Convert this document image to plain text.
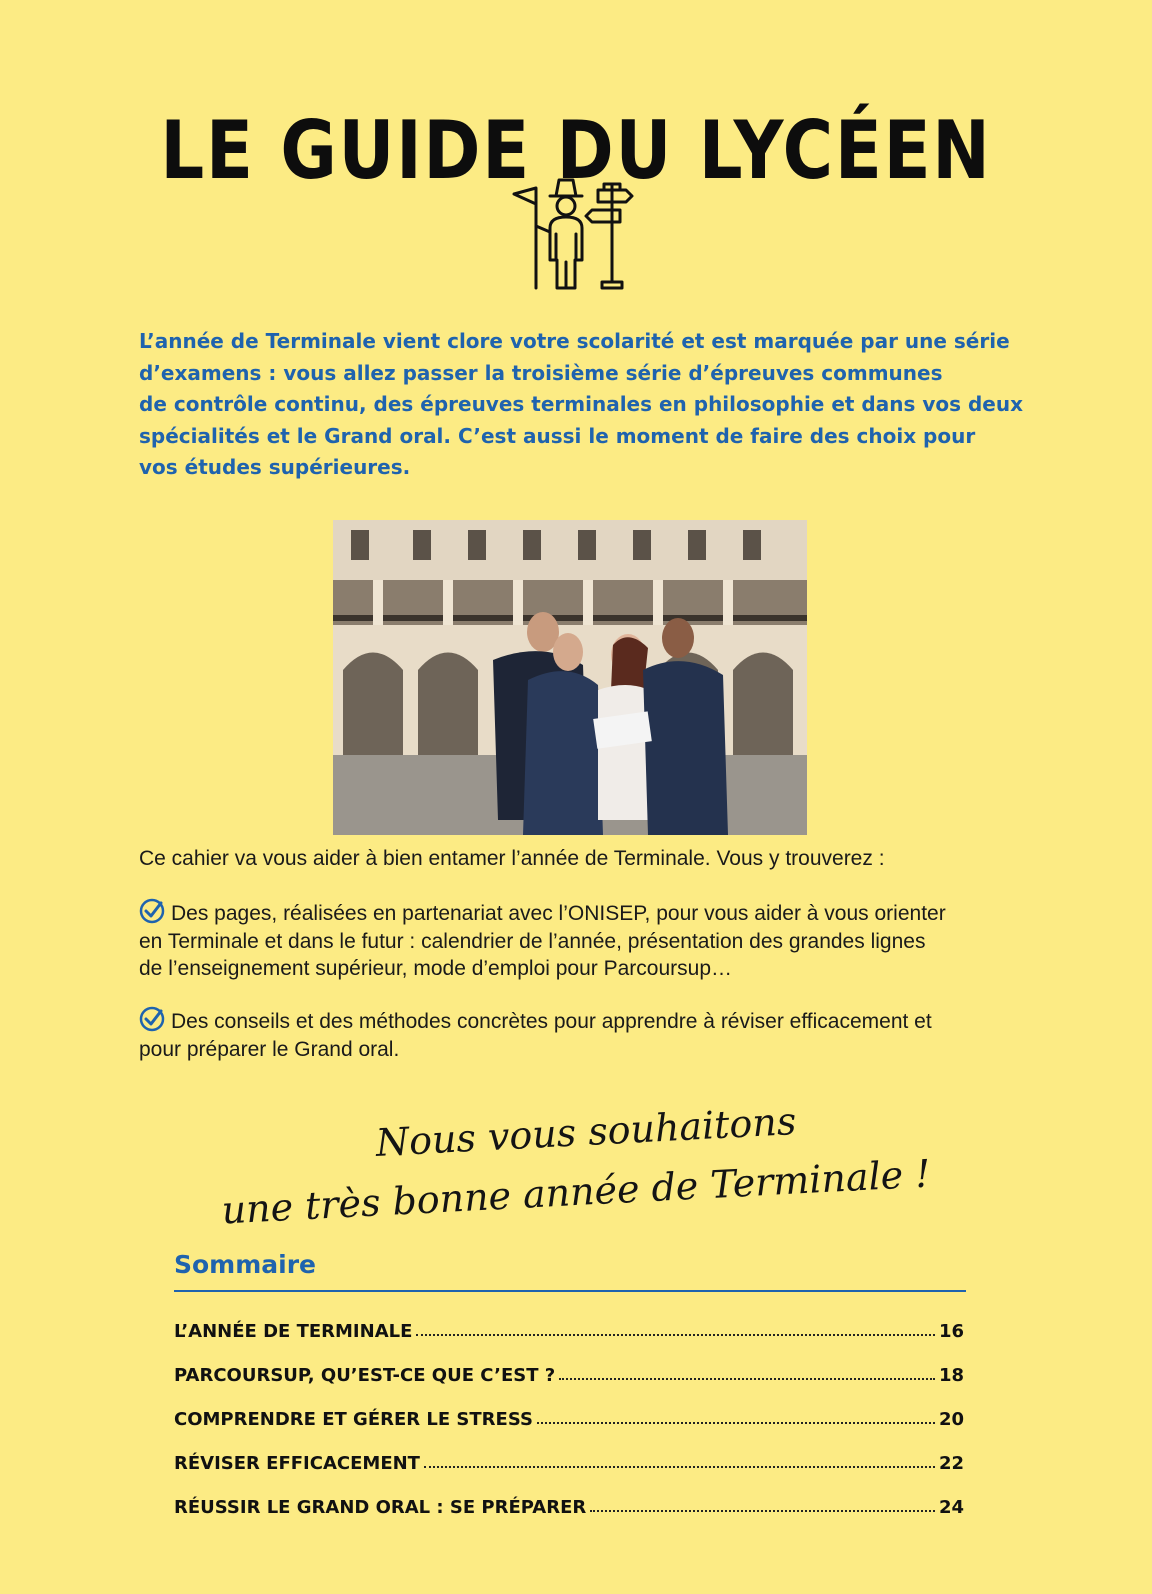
LE GUIDE DU LYCÉEN
L’année de Terminale vient clore votre scolarité et est marquée par une série
d’examens : vous allez passer la troisième série d’épreuves communes
de contrôle continu, des épreuves terminales en philosophie et dans vos deux
spécialités et le Grand oral. C’est aussi le moment de faire des choix pour
vos études supérieures.
Ce cahier va vous aider à bien entamer l’année de Terminale. Vous y trouverez :
Des pages, réalisées en partenariat avec l’ONISEP, pour vous aider à vous orienter
en Terminale et dans le futur : calendrier de l’année, présentation des grandes lignes
de l’enseignement supérieur, mode d’emploi pour Parcoursup…
Des conseils et des méthodes concrètes pour apprendre à réviser efficacement et
pour préparer le Grand oral.
Nous vous souhaitons
une très bonne année de Terminale !
Sommaire
L’ANNÉE DE TERMINALE	16
PARCOURSUP, QU’EST-CE QUE C’EST ?	18
COMPRENDRE ET GÉRER LE STRESS	20
RÉVISER EFFICACEMENT	22
RÉUSSIR LE GRAND ORAL : SE PRÉPARER	24
